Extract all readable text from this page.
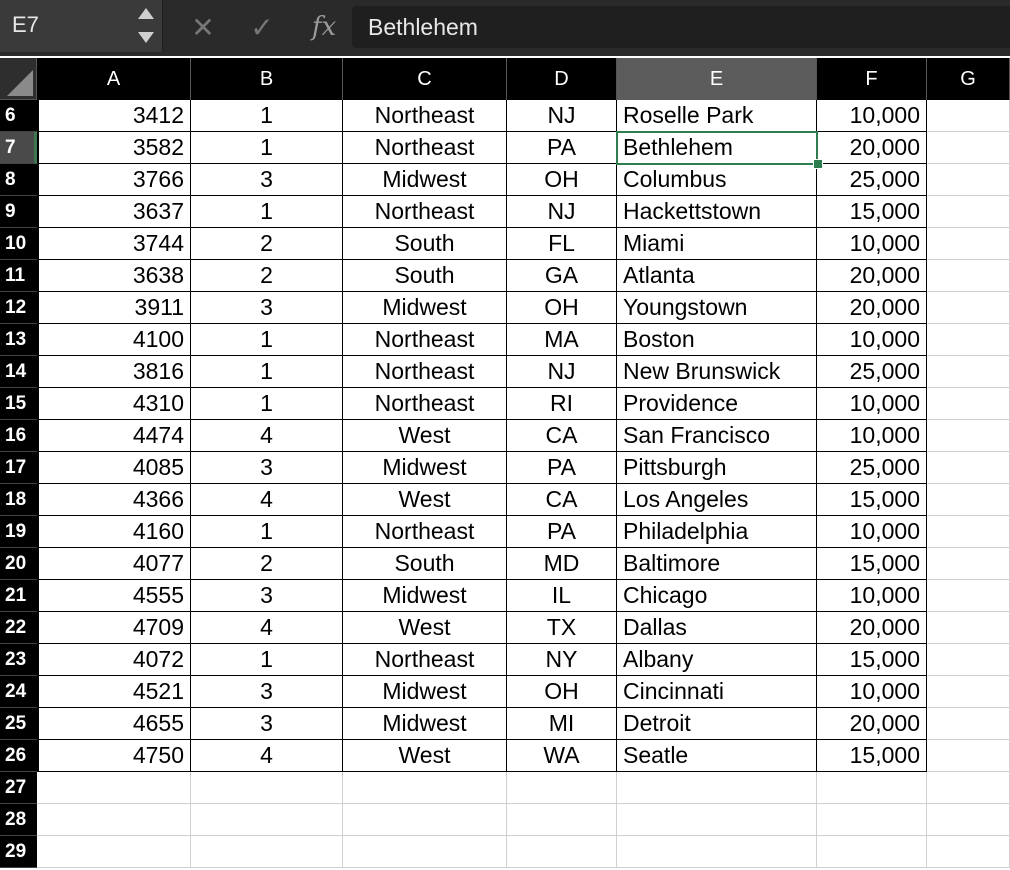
E7	✕ ✓	fx	Bethlehem
A	B	C	D	E	F	G
6	3412	1	Northeast	NJ	Roselle Park	10,000
7	3582	1	Northeast	PA	Bethlehem	20,000
8	3766	3	Midwest	OH	Columbus	25,000
9	3637	1	Northeast	NJ	Hackettstown	15,000
10	3744	2	South	FL	Miami	10,000
11	3638	2	South	GA	Atlanta	20,000
12	3911	3	Midwest	OH	Youngstown	20,000
13	4100	1	Northeast	MA	Boston	10,000
14	3816	1	Northeast	NJ	New Brunswick	25,000
15	4310	1	Northeast	RI	Providence	10,000
16	4474	4	West	CA	San Francisco	10,000
17	4085	3	Midwest	PA	Pittsburgh	25,000
18	4366	4	West	CA	Los Angeles	15,000
19	4160	1	Northeast	PA	Philadelphia	10,000
20	4077	2	South	MD	Baltimore	15,000
21	4555	3	Midwest	IL	Chicago	10,000
22	4709	4	West	TX	Dallas	20,000
23	4072	1	Northeast	NY	Albany	15,000
24	4521	3	Midwest	OH	Cincinnati	10,000
25	4655	3	Midwest	MI	Detroit	20,000
26	4750	4	West	WA	Seatle	15,000
27
28
29
